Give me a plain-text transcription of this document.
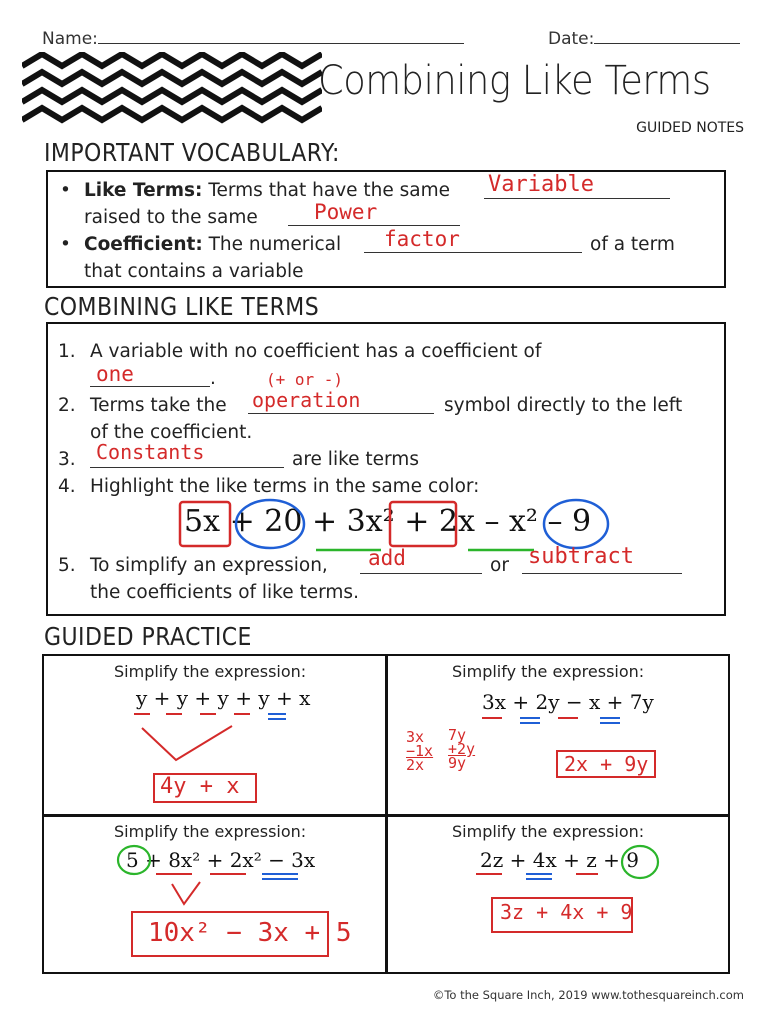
Name:	Date:
Combining Like Terms
GUIDED NOTES
IMPORTANT VOCABULARY:
• Like Terms: Terms that have the same Variable
raised to the same	Power
• Coefficient: The numerical factor	of a term
that contains a variable
COMBINING LIKE TERMS
1. A variable with no coefficient has a coefficient of
.
one	(+ or -)
2. Terms take the operation	symbol directly to the left
of the coefficient.
3. Constants	are like terms
4. Highlight the like terms in the same color:
5x + 20 + 3x² + 2x – x² – 9
5. To simplify an expression, add	or subtract
the coefficients of like terms.
GUIDED PRACTICE
Simplify the expression:
y + y + y + y + x
4y + x
Simplify the expression:
3x + 2y − x + 7y
3x
−1x
2x
7y
+2y
9y	2x + 9y
Simplify the expression:
5 + 8x² + 2x² − 3x
10x² − 3x + 5
Simplify the expression:
2z + 4x + z + 9
3z + 4x + 9
©To the Square Inch, 2019 www.tothesquareinch.com
